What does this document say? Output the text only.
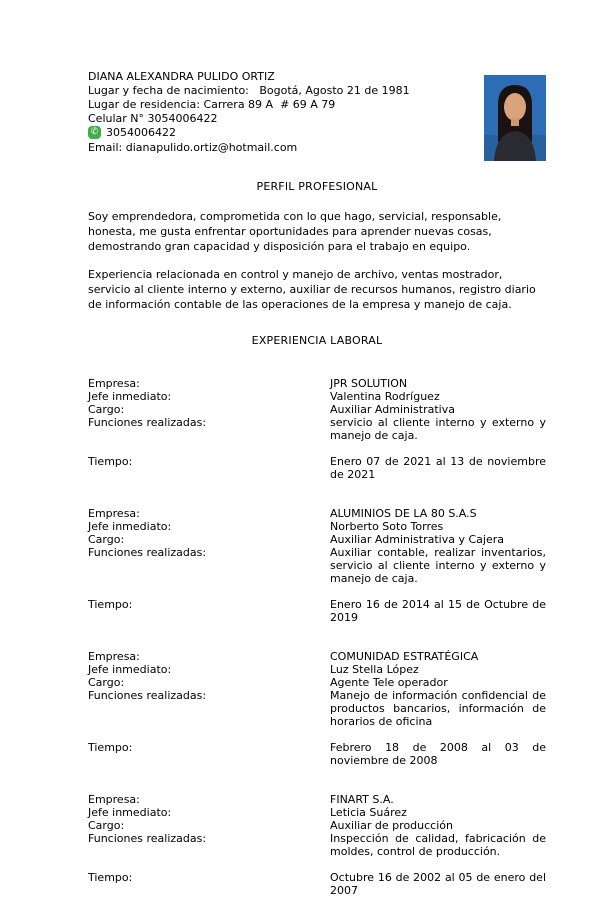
DIANA ALEXANDRA PULIDO ORTIZ
Lugar y fecha de nacimiento:   Bogotá, Agosto 21 de 1981
Lugar de residencia: Carrera 89 A  # 69 A 79
Celular N° 3054006422
✆ 3054006422
Email: dianapulido.ortiz@hotmail.com
PERFIL PROFESIONAL

Soy emprendedora, comprometida con lo que hago, servicial, responsable, honesta, me gusta enfrentar oportunidades para aprender nuevas cosas, demostrando gran capacidad y disposición para el trabajo en equipo.

Experiencia relacionada en control y manejo de archivo, ventas mostrador, servicio al cliente interno y externo, auxiliar de recursos humanos, registro diario de información contable de las operaciones de la empresa y manejo de caja.

EXPERIENCIA LABORAL
Empresa:	JPR SOLUTION
Jefe inmediato:	Valentina Rodríguez
Cargo:	Auxiliar Administrativa
Funciones realizadas:	servicio al cliente interno y externo y manejo de caja.
Tiempo:	Enero 07 de 2021 al 13 de noviembre de 2021
Empresa:	ALUMINIOS DE LA 80 S.A.S
Jefe inmediato:	Norberto Soto Torres
Cargo:	Auxiliar Administrativa y Cajera
Funciones realizadas:	Auxiliar contable, realizar inventarios, servicio al cliente interno y externo y manejo de caja.
Tiempo:	Enero 16 de 2014 al 15 de Octubre de 2019
Empresa:	COMUNIDAD ESTRATÉGICA
Jefe inmediato:	Luz Stella López
Cargo:	Agente Tele operador
Funciones realizadas:	Manejo de información confidencial de productos bancarios, información de horarios de oficina
Tiempo:	Febrero 18 de 2008 al 03 de noviembre de 2008
Empresa:	FINART S.A.
Jefe inmediato:	Leticia Suárez
Cargo:	Auxiliar de producción
Funciones realizadas:	Inspección de calidad, fabricación de moldes, control de producción.
Tiempo:	Octubre 16 de 2002 al 05 de enero del 2007
